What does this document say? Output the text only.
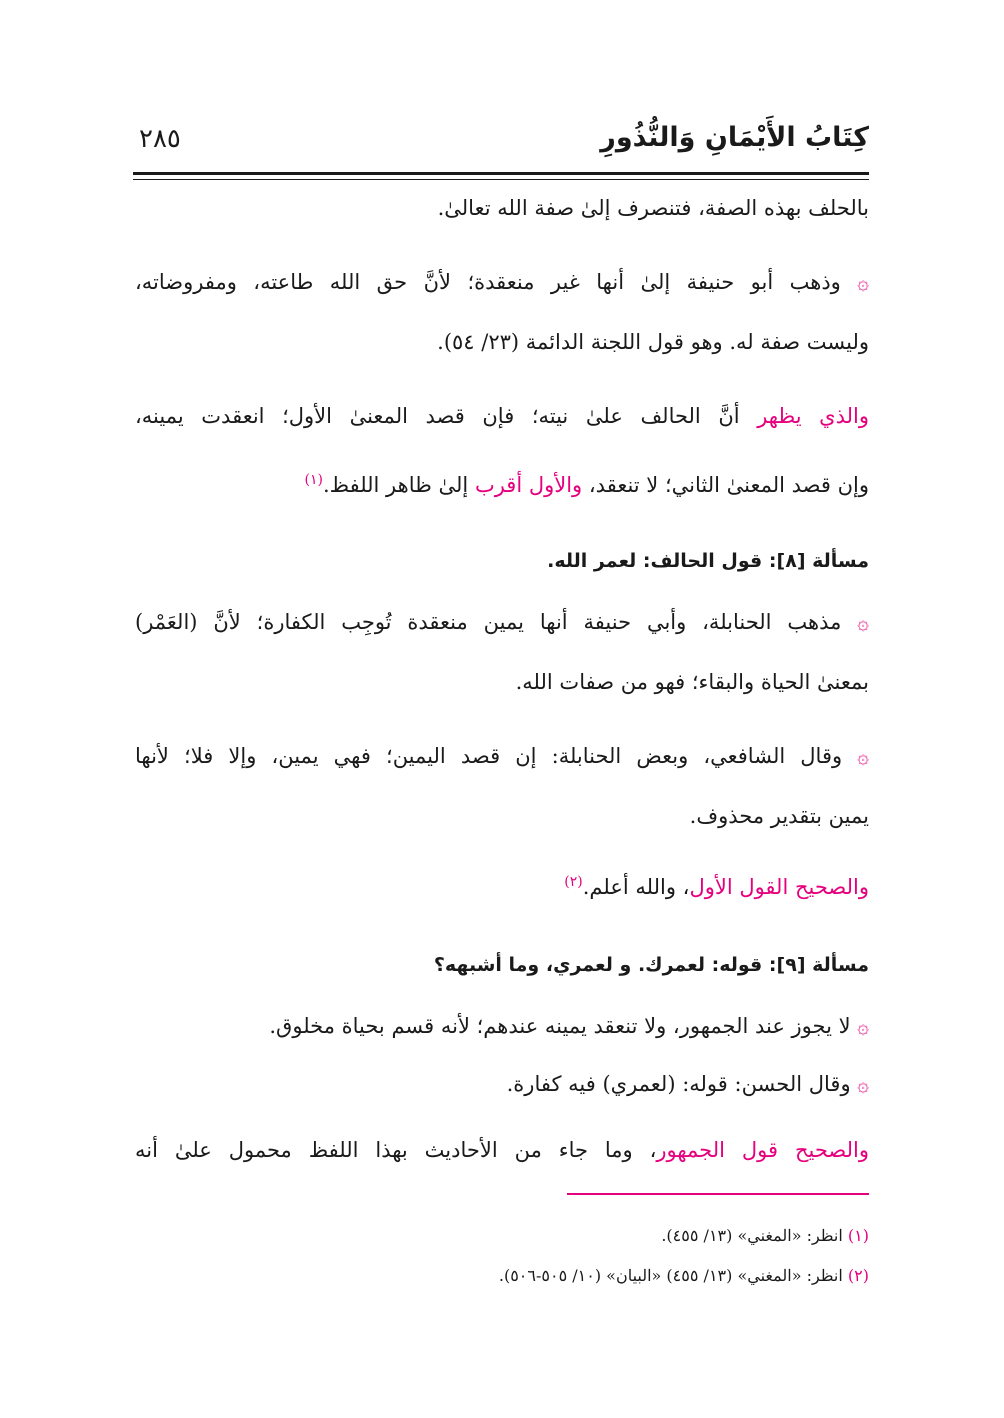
كِتَابُ الأَيْمَانِ وَالنُّذُورِ
٢٨٥
بالحلف بهذه الصفة، فتنصرف إلىٰ صفة الله تعالىٰ.
۞ وذهب أبو حنيفة إلىٰ أنها غير منعقدة؛ لأنَّ حق الله طاعته، ومفروضاته،
وليست صفة له. وهو قول اللجنة الدائمة (٢٣/ ٥٤).
والذي يظهر أنَّ الحالف علىٰ نيته؛ فإن قصد المعنىٰ الأول؛ انعقدت يمينه،
وإن قصد المعنىٰ الثاني؛ لا تنعقد، والأول أقرب إلىٰ ظاهر اللفظ.$^{(١)}$
مسألة [٨]: قول الحالف: لعمر الله.
۞ مذهب الحنابلة، وأبي حنيفة أنها يمين منعقدة تُوجِب الكفارة؛ لأنَّ (العَمْر)
بمعنىٰ الحياة والبقاء؛ فهو من صفات الله.
۞ وقال الشافعي، وبعض الحنابلة: إن قصد اليمين؛ فهي يمين، وإلا فلا؛ لأنها
يمين بتقدير محذوف.
والصحيح القول الأول، والله أعلم.$^{(٢)}$
مسألة [٩]: قوله: لعمرك. و لعمري، وما أشبهه؟
۞ لا يجوز عند الجمهور، ولا تنعقد يمينه عندهم؛ لأنه قسم بحياة مخلوق.
۞ وقال الحسن: قوله: (لعمري) فيه كفارة.
والصحيح قول الجمهور، وما جاء من الأحاديث بهذا اللفظ محمول علىٰ أنه
(١) انظر: «المغني» (١٣/ ٤٥٥).
(٢) انظر: «المغني» (١٣/ ٤٥٥) «البيان» (١٠/ ٥٠٥-٥٠٦).
